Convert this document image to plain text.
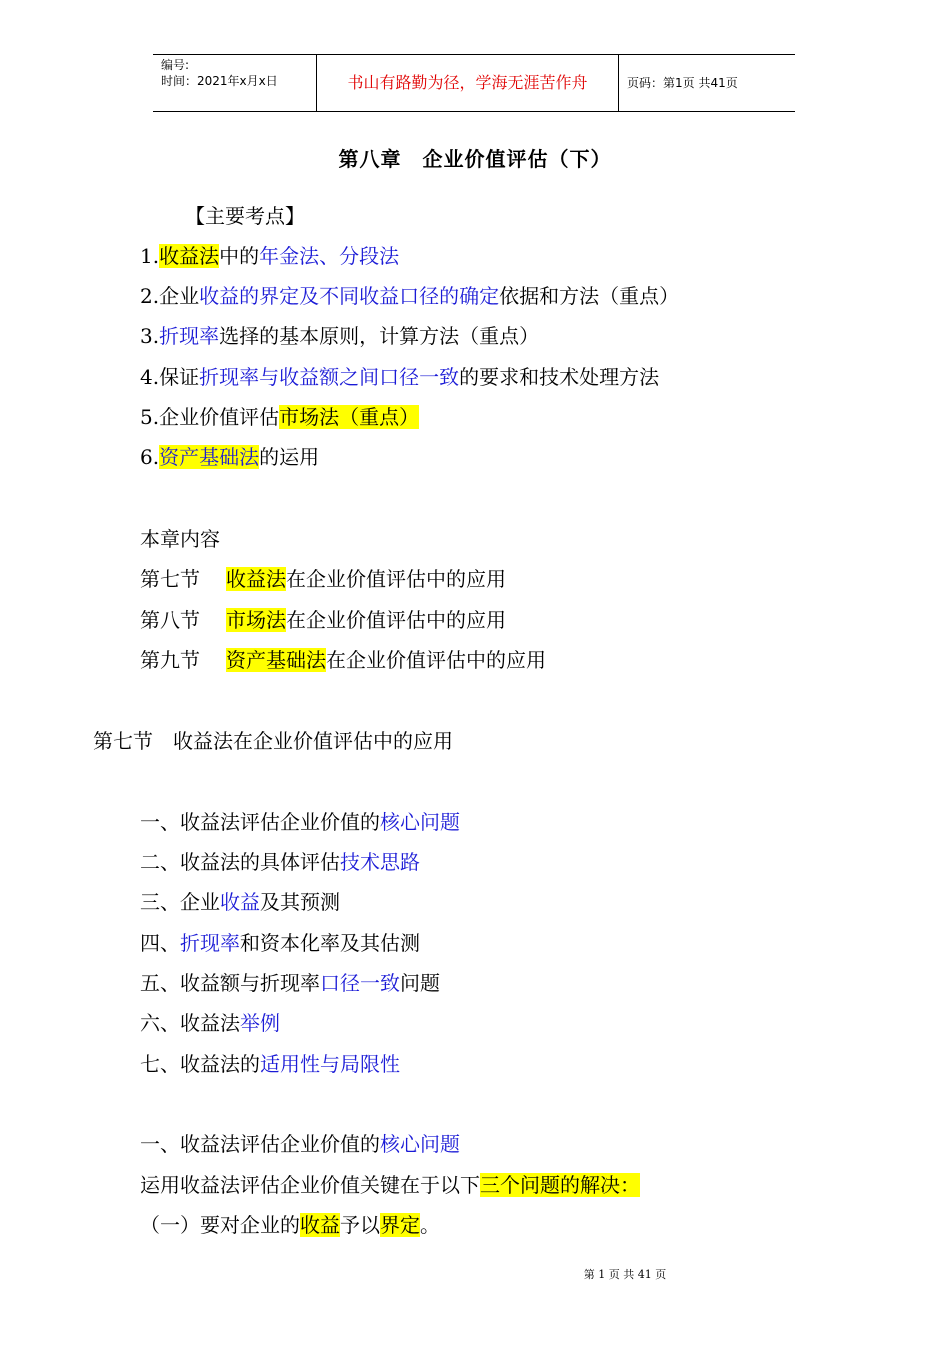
编号:
时间：2021年x月x日	书山有路勤为径，学海无涯苦作舟	页码：第1页 共41页
第八章　企业价值评估（下）
【主要考点】
1.收益法中的年金法、分段法
2.企业收益的界定及不同收益口径的确定依据和方法（重点）
3.折现率选择的基本原则，计算方法（重点）
4.保证折现率与收益额之间口径一致的要求和技术处理方法
5.企业价值评估市场法（重点）
6.资产基础法的运用
本章内容
第七节 收益法在企业价值评估中的应用
第八节 市场法在企业价值评估中的应用
第九节 资产基础法在企业价值评估中的应用
第七节　收益法在企业价值评估中的应用
一、收益法评估企业价值的核心问题
二、收益法的具体评估技术思路
三、企业收益及其预测
四、折现率和资本化率及其估测
五、收益额与折现率口径一致问题
六、收益法举例
七、收益法的适用性与局限性
一、收益法评估企业价值的核心问题
运用收益法评估企业价值关键在于以下三个问题的解决：
（一）要对企业的收益予以界定。
第 1 页 共 41 页
